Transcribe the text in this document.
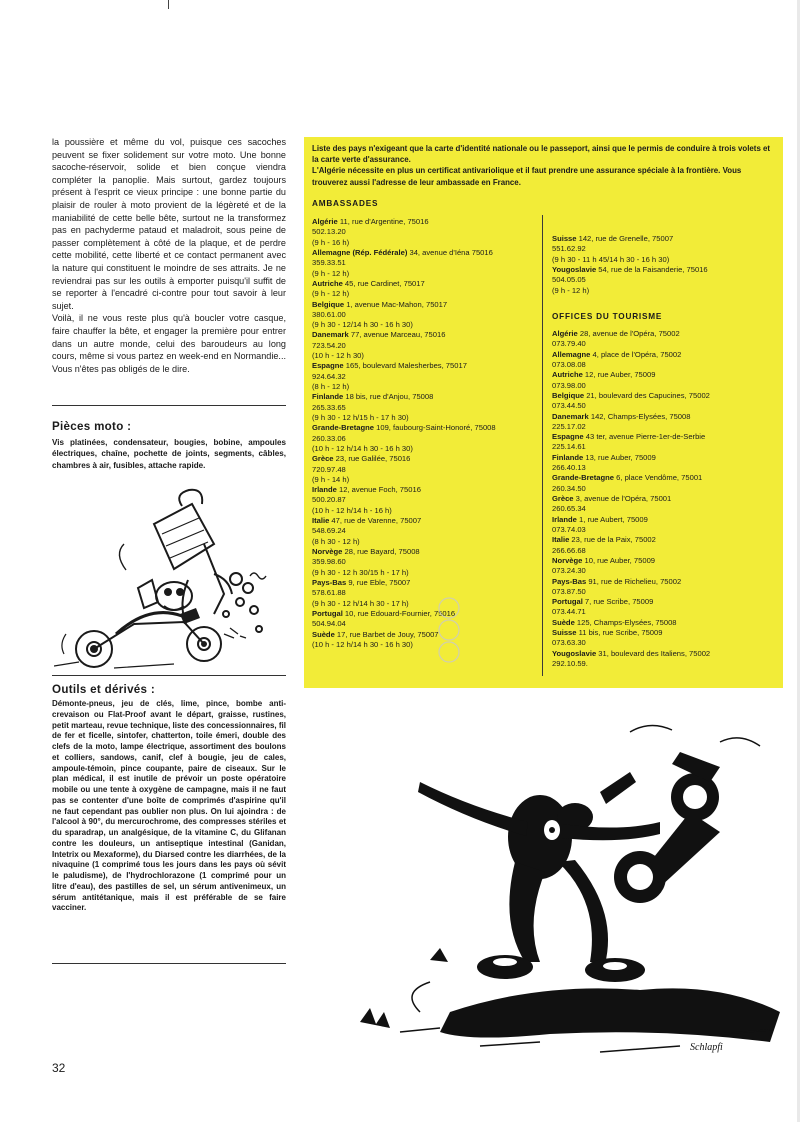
la poussière et même du vol, puisque ces sacoches peuvent se fixer solidement sur votre moto. Une bonne sacoche-réservoir, solide et bien conçue viendra compléter la panoplie. Mais surtout, gardez toujours présent à l'esprit ce vieux principe : une bonne partie du plaisir de rouler à moto provient de la légèreté et de la maniabilité de cette belle bête, surtout ne la transformez pas en pachyderme pataud et maladroit, sous peine de passer complètement à côté de la plaque, et de perdre cette mobilité, cette liberté et ce contact permanent avec la nature qui constituent le moindre de ses attraits. Je ne reviendrai pas sur les outils à emporter puisqu'il suffit de se reporter à l'encadré ci-contre pour tout savoir à leur sujet.
Voilà, il ne vous reste plus qu'à boucler votre casque, faire chauffer la bête, et engager la première pour entrer dans un autre monde, celui des baroudeurs au long cours, même si vous partez en week-end en Normandie... Vous n'êtes pas obligés de le dire.
Pièces moto :
Vis platinées, condensateur, bougies, bobine, ampoules électriques, chaîne, pochette de joints, segments, câbles, chambres à air, fusibles, attache rapide.
Outils et dérivés :
Démonte-pneus, jeu de clés, lime, pince, bombe anti-crevaison ou Flat-Proof avant le départ, graisse, rustines, petit marteau, revue technique, liste des concessionnaires, fil de fer et ficelle, sintofer, chatterton, toile émeri, double des clefs de la moto, lampe électrique, assortiment des boulons et colliers, sandows, canif, clef à bougie, jeu de cales, ampoule-témoin, pince coupante, paire de ciseaux. Sur le plan médical, il est inutile de prévoir un poste opératoire mobile ou une tente à oxygène de campagne, mais il ne faut pas se contenter d'une boîte de comprimés d'aspirine qu'il ne faut cependant pas oublier non plus. On lui ajoindra : de l'alcool à 90°, du mercurochrome, des compresses stériles et du sparadrap, un analgésique, de la vitamine C, du Glifanan contre les douleurs, un antiseptique intestinal (Ganidan, Intetrix ou Mexaforme), du Diarsed contre les diarrhées, de la nivaquine (1 comprimé tous les jours dans les pays où sévit le paludisme), de l'hydrochlorazone (1 comprimé pour un litre d'eau), des pastilles de sel, un sérum antivenimeux, un sérum antitétanique, mais il est préférable de se faire vacciner.
32
Liste des pays n'exigeant que la carte d'identité nationale ou le passeport, ainsi que le permis de conduire à trois volets et la carte verte d'assurance.
L'Algérie nécessite en plus un certificat antivariolique et il faut prendre une assurance spéciale à la frontière. Vous trouverez aussi l'adresse de leur ambassade en France.
AMBASSADES
Algérie 11, rue d'Argentine, 75016
502.13.20
(9 h - 16 h)
Allemagne (Rép. Fédérale) 34, avenue d'Iéna 75016
359.33.51
(9 h - 12 h)
Autriche 45, rue Cardinet, 75017
(9 h - 12 h)
Belgique 1, avenue Mac-Mahon, 75017
380.61.00
(9 h 30 - 12/14 h 30 - 16 h 30)
Danemark 77, avenue Marceau, 75016
723.54.20
(10 h - 12 h 30)
Espagne 165, boulevard Malesherbes, 75017
924.64.32
(8 h - 12 h)
Finlande 18 bis, rue d'Anjou, 75008
265.33.65
(9 h 30 - 12 h/15 h - 17 h 30)
Grande-Bretagne 109, faubourg-Saint-Honoré, 75008
260.33.06
(10 h - 12 h/14 h 30 - 16 h 30)
Grèce 23, rue Galilée, 75016
720.97.48
(9 h - 14 h)
Irlande 12, avenue Foch, 75016
500.20.87
(10 h - 12 h/14 h - 16 h)
Italie 47, rue de Varenne, 75007
548.69.24
(8 h 30 - 12 h)
Norvège 28, rue Bayard, 75008
359.98.60
(9 h 30 - 12 h 30/15 h - 17 h)
Pays-Bas 9, rue Eble, 75007
578.61.88
(9 h 30 - 12 h/14 h 30 - 17 h)
Portugal 10, rue Edouard-Fournier, 75016
504.94.04
Suède 17, rue Barbet de Jouy, 75007
(10 h - 12 h/14 h 30 - 16 h 30)
Suisse 142, rue de Grenelle, 75007
551.62.92
(9 h 30 - 11 h 45/14 h 30 - 16 h 30)
Yougoslavie 54, rue de la Faisanderie, 75016
504.05.05
(9 h - 12 h)
OFFICES DU TOURISME
Algérie 28, avenue de l'Opéra, 75002
073.79.40
Allemagne 4, place de l'Opéra, 75002
073.08.08
Autriche 12, rue Auber, 75009
073.98.00
Belgique 21, boulevard des Capucines, 75002
073.44.50
Danemark 142, Champs-Elysées, 75008
225.17.02
Espagne 43 ter, avenue Pierre-1er-de-Serbie
225.14.61
Finlande 13, rue Auber, 75009
266.40.13
Grande-Bretagne 6, place Vendôme, 75001
260.34.50
Grèce 3, avenue de l'Opéra, 75001
260.65.34
Irlande 1, rue Aubert, 75009
073.74.03
Italie 23, rue de la Paix, 75002
266.66.68
Norvège 10, rue Auber, 75009
073.24.30
Pays-Bas 91, rue de Richelieu, 75002
073.87.50
Portugal 7, rue Scribe, 75009
073.44.71
Suède 125, Champs-Elysées, 75008
Suisse 11 bis, rue Scribe, 75009
073.63.30
Yougoslavie 31, boulevard des Italiens, 75002
292.10.59.
Schlapfi
